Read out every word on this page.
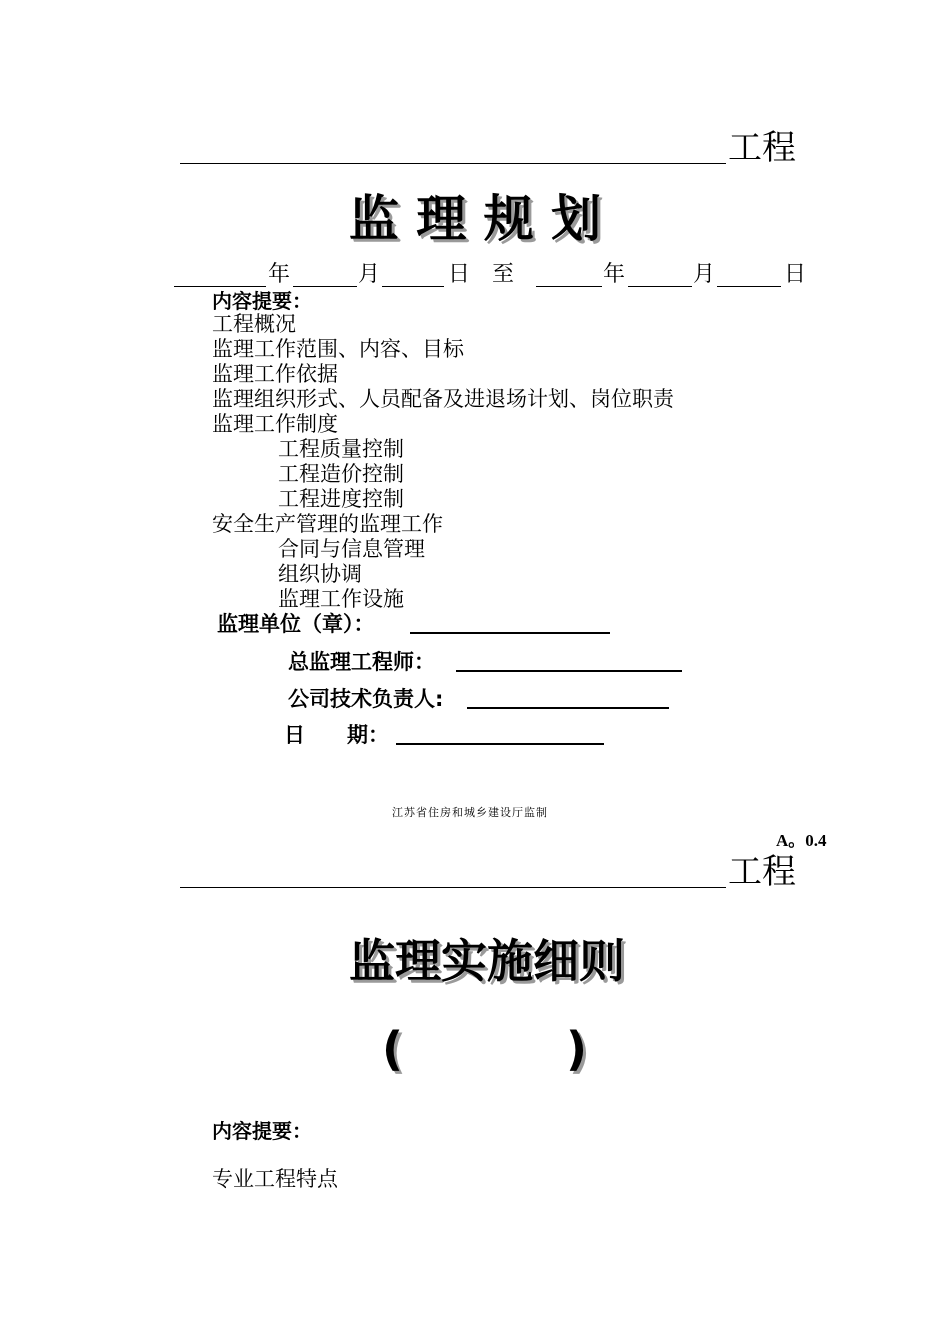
工程
监 理 规 划
年	月	日 至	年	月	日
内容提要：
工程概况
监理工作范围、内容、目标
监理工作依据
监理组织形式、人员配备及进退场计划、岗位职责
监理工作制度
工程质量控制
工程造价控制
工程进度控制
安全生产管理的监理工作
合同与信息管理
组织协调
监理工作设施
监理单位（章）：
总监理工程师：
公司技术负责人:
日 期：
江苏省住房和城乡建设厅监制
A。0.4
工程
监理实施细则
(	)
内容提要：
专业工程特点
